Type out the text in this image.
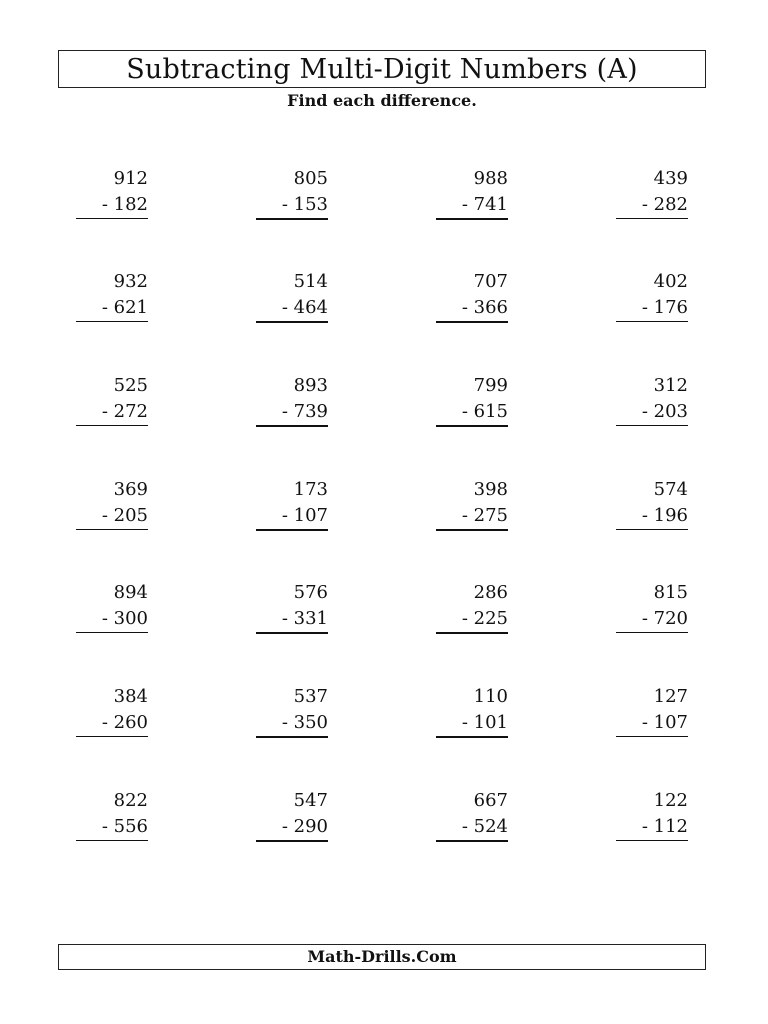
Subtracting Multi-Digit Numbers (A)
Find each difference.
912
- 182
805
- 153
988
- 741
439
- 282
932
- 621
514
- 464
707
- 366
402
- 176
525
- 272
893
- 739
799
- 615
312
- 203
369
- 205
173
- 107
398
- 275
574
- 196
894
- 300
576
- 331
286
- 225
815
- 720
384
- 260
537
- 350
110
- 101
127
- 107
822
- 556
547
- 290
667
- 524
122
- 112
Math-Drills.Com
